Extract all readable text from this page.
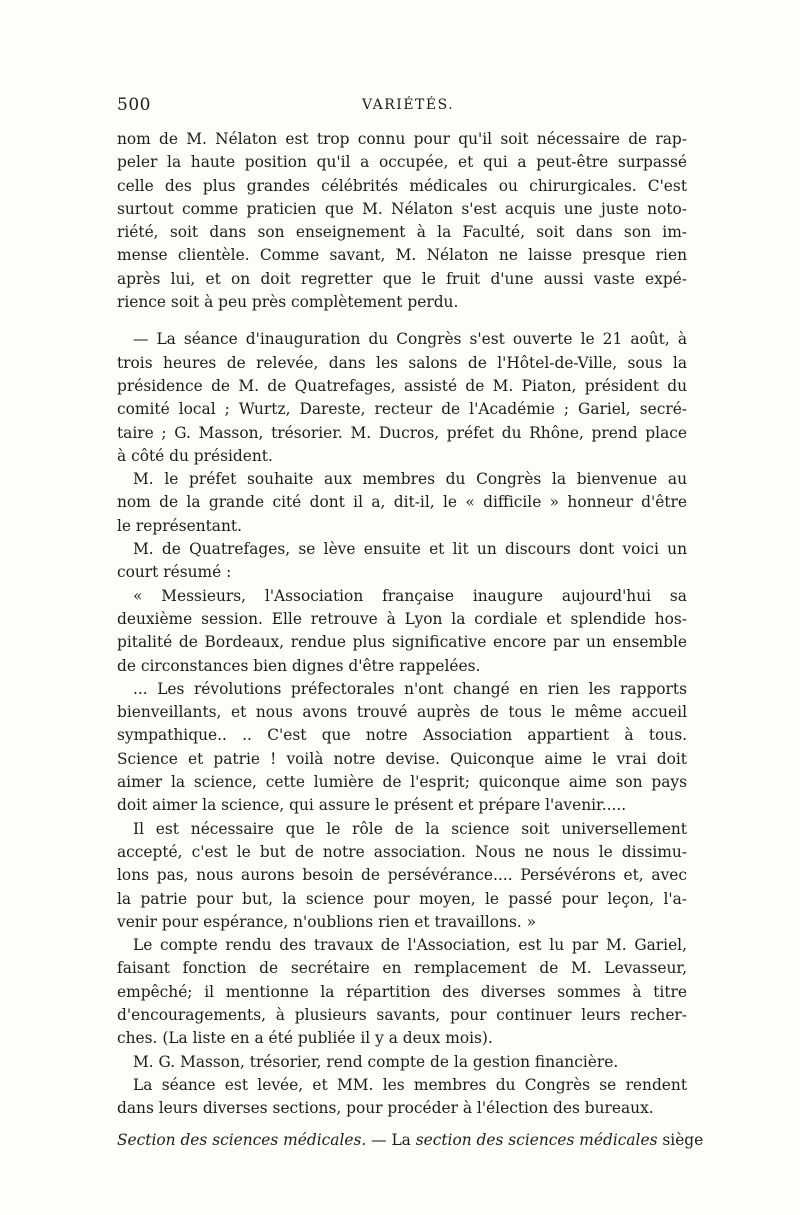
500	VARIÉTÉS.
nom de M. Nélaton est trop connu pour qu'il soit nécessaire de rap-
peler la haute position qu'il a occupée, et qui a peut-être surpassé
celle des plus grandes célébrités médicales ou chirurgicales. C'est
surtout comme praticien que M. Nélaton s'est acquis une juste noto-
riété, soit dans son enseignement à la Faculté, soit dans son im-
mense clientèle. Comme savant, M. Nélaton ne laisse presque rien
après lui, et on doit regretter que le fruit d'une aussi vaste expé-
rience soit à peu près complètement perdu.
— La séance d'inauguration du Congrès s'est ouverte le 21 août, à
trois heures de relevée, dans les salons de l'Hôtel-de-Ville, sous la
présidence de M. de Quatrefages, assisté de M. Piaton, président du
comité local ; Wurtz, Dareste, recteur de l'Académie ; Gariel, secré-
taire ; G. Masson, trésorier. M. Ducros, préfet du Rhône, prend place
à côté du président.
M. le préfet souhaite aux membres du Congrès la bienvenue au
nom de la grande cité dont il a, dit-il, le « difficile » honneur d'être
le représentant.
M. de Quatrefages, se lève ensuite et lit un discours dont voici un
court résumé :
« Messieurs, l'Association française inaugure aujourd'hui sa
deuxième session. Elle retrouve à Lyon la cordiale et splendide hos-
pitalité de Bordeaux, rendue plus significative encore par un ensemble
de circonstances bien dignes d'être rappelées.
... Les révolutions préfectorales n'ont changé en rien les rapports
bienveillants, et nous avons trouvé auprès de tous le même accueil
sympathique.. .. C'est que notre Association appartient à tous.
Science et patrie ! voilà notre devise. Quiconque aime le vrai doit
aimer la science, cette lumière de l'esprit; quiconque aime son pays
doit aimer la science, qui assure le présent et prépare l'avenir.....
Il est nécessaire que le rôle de la science soit universellement
accepté, c'est le but de notre association. Nous ne nous le dissimu-
lons pas, nous aurons besoin de persévérance.... Persévérons et, avec
la patrie pour but, la science pour moyen, le passé pour leçon, l'a-
venir pour espérance, n'oublions rien et travaillons. »
Le compte rendu des travaux de l'Association, est lu par M. Gariel,
faisant fonction de secrétaire en remplacement de M. Levasseur,
empêché; il mentionne la répartition des diverses sommes à titre
d'encouragements, à plusieurs savants, pour continuer leurs recher-
ches. (La liste en a été publiée il y a deux mois).
M. G. Masson, trésorier, rend compte de la gestion financière.
La séance est levée, et MM. les membres du Congrès se rendent
dans leurs diverses sections, pour procéder à l'élection des bureaux.
Section des sciences médicales. — La section des sciences médicales siège
